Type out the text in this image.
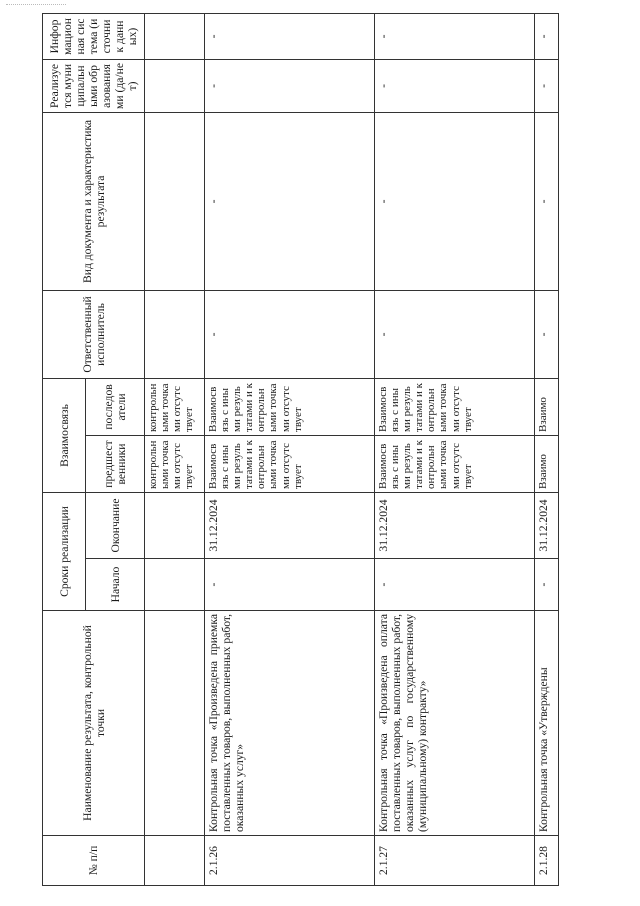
№ п/п	Наименование результата, контрольной точки	Сроки реализации		Взаимосвязь		Ответственный исполнитель	Вид документа и характеристика результата	Реализуется муниципальными образованиями (да/нет)	Информационная система (источник данных)
		Начало	Окончание	предшественники	последователи				
				контрольными точками отсутствует	контрольными точками отсутствует				
2.1.26	Контрольная точка «Произведена приемка поставленных товаров, выполненных работ, оказанных услуг»	-	31.12.2024	Взаимосвязь с иными результатами и контрольными точками отсутствует	Взаимосвязь с иными результатами и контрольными точками отсутствует	-	-	-	-
2.1.27	Контрольная точка «Произведена оплата поставленных товаров, выполненных работ, оказанных услуг по государственному (муниципальному) контракту»	-	31.12.2024	Взаимосвязь с иными результатами и контрольными точками отсутствует	Взаимосвязь с иными результатами и контрольными точками отсутствует	-	-	-	-
2.1.28	Контрольная точка «Утверждены	-	31.12.2024	Взаимо	Взаимо	-	-	-	-
